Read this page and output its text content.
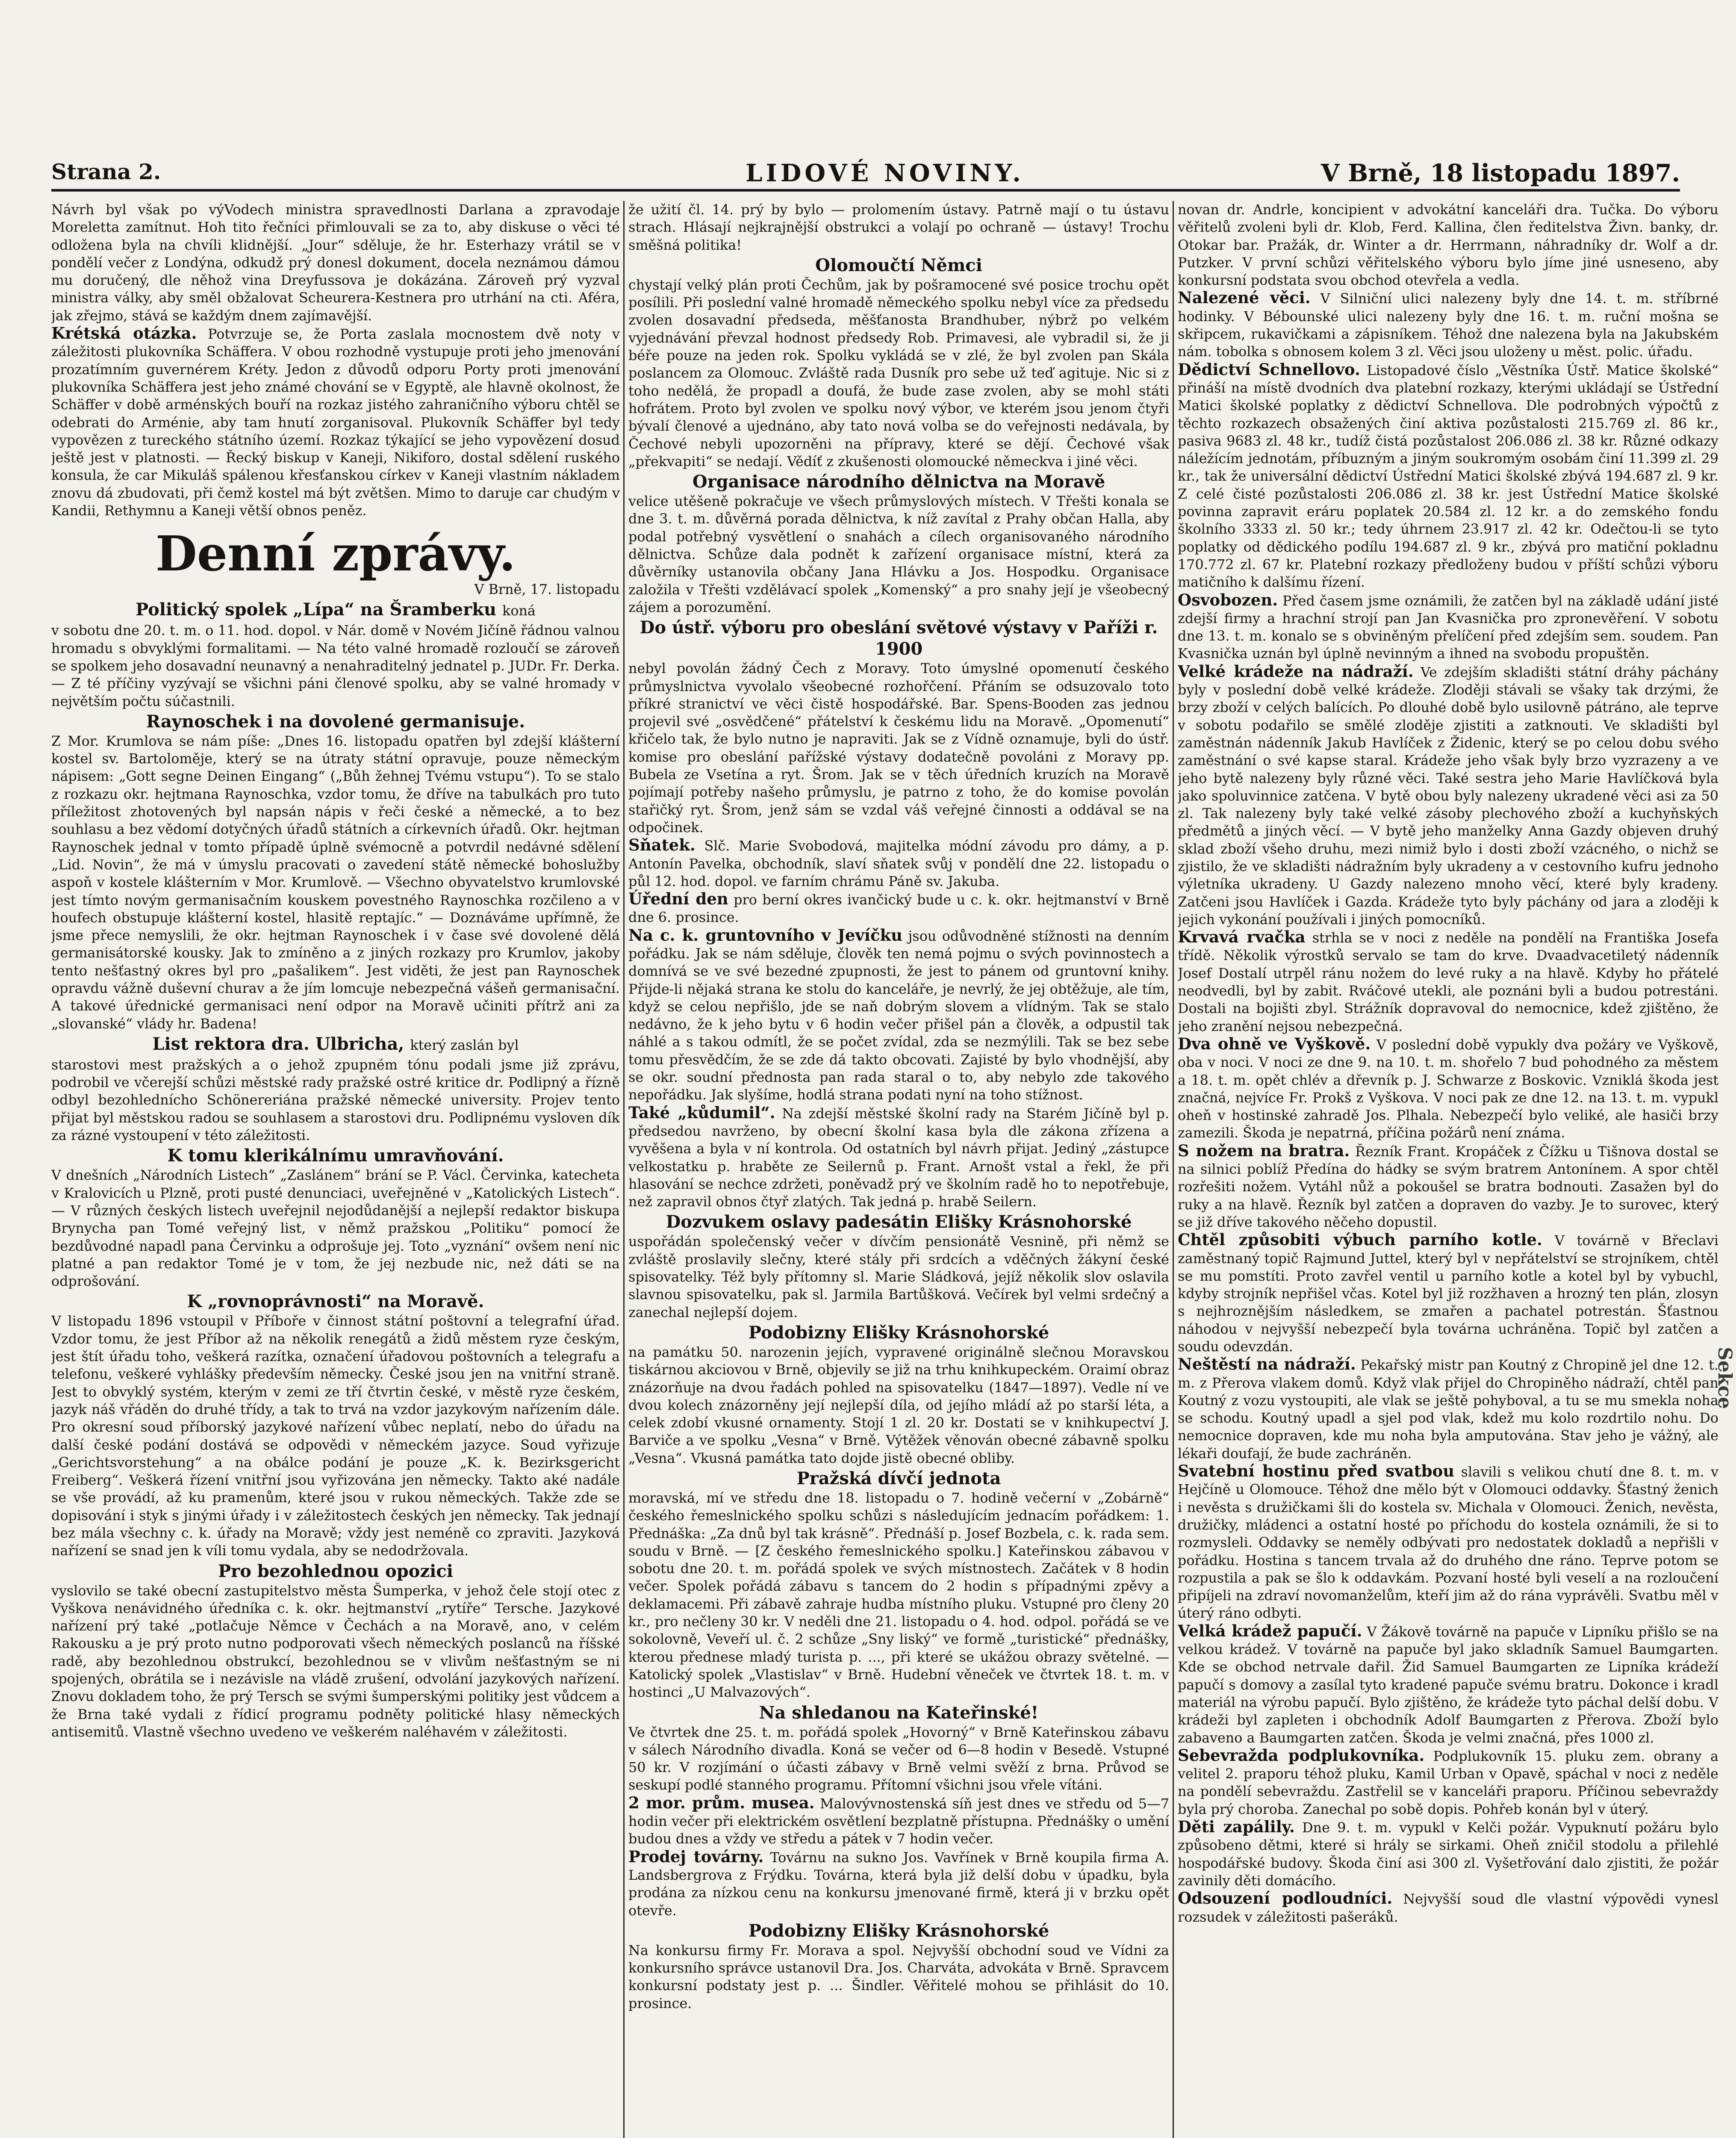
Strana 2.	LIDOVÉ NOVINY.	V Brně, 18 listopadu 1897.

Návrh byl však po výVodech ministra spravedlnosti Darlana a zpravodaje Moreletta zamítnut. Hoh tito řečníci přimlouvali se za to, aby diskuse o věci té odložena byla na chvíli klidnější. „Jour“ sděluje, že hr. Esterhazy vrátil se v pondělí večer z Londýna, odkudž prý donesl dokument, docela neznámou dámou mu doručený, dle něhož vina Dreyfussova je dokázána. Zároveň prý vyzval ministra války, aby směl obžalovat Scheurera-Kestnera pro utrhání na cti. Aféra, jak zřejmo, stává se každým dnem zajímavější.

Krétská otázka. Potvrzuje se, že Porta zaslala mocnostem dvě noty v záležitosti plukovníka Schäffera. V obou rozhodně vystupuje proti jeho jmenování prozatímním guvernérem Kréty. Jedon z důvodů odporu Porty proti jmenování plukovníka Schäffera jest jeho známé chování se v Egyptě, ale hlavně okolnost, že Schäffer v době arménských bouří na rozkaz jistého zahraničního výboru chtěl se odebrati do Arménie, aby tam hnutí zorganisoval. Plukovník Schäffer byl tedy vypovězen z tureckého státního území. Rozkaz týkající se jeho vypovězení dosud ještě jest v platnosti. — Řecký biskup v Kaneji, Nikiforo, dostal sdělení ruského konsula, že car Mikuláš spálenou křesťanskou církev v Kaneji vlastním nákladem znovu dá zbudovati, při čemž kostel má být zvětšen. Mimo to daruje car chudým v Kandii, Rethymnu a Kaneji větší obnos peněz.

Denní zprávy.
V Brně, 17. listopadu
Politický spolek „Lípa“ na Šramberku koná

v sobotu dne 20. t. m. o 11. hod. dopol. v Nár. domě v Novém Jičíně řádnou valnou hromadu s obvyklými formalitami. — Na této valné hromadě rozloučí se zároveň se spolkem jeho dosavadní neunavný a nenahraditelný jednatel p. JUDr. Fr. Derka. — Z té příčiny vyzývají se všichni páni členové spolku, aby se valné hromady v největším počtu súčastnili.

Raynoschek i na dovolené germanisuje.

Z Mor. Krumlova se nám píše: „Dnes 16. listopadu opatřen byl zdejší klášterní kostel sv. Bartoloměje, který se na útraty státní opravuje, pouze německým nápisem: „Gott segne Deinen Eingang“ („Bůh žehnej Tvému vstupu“). To se stalo z rozkazu okr. hejtmana Raynoschka, vzdor tomu, že dříve na tabulkách pro tuto příležitost zhotovených byl napsán nápis v řeči české a německé, a to bez souhlasu a bez vědomí dotyčných úřadů státních a církevních úřadů. Okr. hejtman Raynoschek jednal v tomto případě úplně svémocně a potvrdil nedávné sdělení „Lid. Novin“, že má v úmyslu pracovati o zavedení státě německé bohoslužby aspoň v kostele klášterním v Mor. Krumlově. — Všechno obyvatelstvo krumlovské jest tímto novým germanisačním kouskem povestného Raynoschka rozčileno a v houfech obstupuje klášterní kostel, hlasitě reptajíc.“ — Doznáváme upřímně, že jsme přece nemyslili, že okr. hejtman Raynoschek i v čase své dovolené dělá germanisátorské kousky. Jak to zmíněno a z jiných rozkazy pro Krumlov, jakoby tento nešťastný okres byl pro „pašalikem“. Jest viděti, že jest pan Raynoschek opravdu vážně duševní churav a že jím lomcuje nebezpečná vášeň germanisační. A takové úřednické germanisaci není odpor na Moravě učiniti přítrž ani za „slovanské“ vlády hr. Badena!

List rektora dra. Ulbricha, který zaslán byl

starostovi mest pražských a o jehož zpupném tónu podali jsme již zprávu, podrobil ve včerejší schůzi městské rady pražské ostré kritice dr. Podlipný a řízně odbyl bezohlednícho Schönereriána pražské německé university. Projev tento přijat byl městskou radou se souhlasem a starostovi dru. Podlipnému vysloven dík za rázné vystoupení v této záležitosti.

K tomu klerikálnímu umravňování.

V dnešních „Národních Listech“ „Zaslánem“ brání se P. Václ. Červinka, katecheta v Kralovicích u Plzně, proti pusté denunciaci, uveřejněné v „Katolických Listech“. — V různých českých listech uveřejnil nejodůdanější a nejlepší redaktor biskupa Brynycha pan Tomé veřejný list, v němž pražskou „Politiku“ pomocí že bezdůvodné napadl pana Červinku a odprošuje jej. Toto „vyznání“ ovšem není nic platné a pan redaktor Tomé je v tom, že jej nezbude nic, než dáti se na odprošování.

K „rovnoprávnosti“ na Moravě.

V listopadu 1896 vstoupil v Příboře v činnost státní poštovní a telegrafní úřad. Vzdor tomu, že jest Příbor až na několik renegátů a židů městem ryze českým, jest štít úřadu toho, veškerá razítka, označení úřadovou poštovních a telegrafu a telefonu, veškeré vyhlášky především německy. České jsou jen na vnitřní straně. Jest to obvyklý systém, kterým v zemi ze tří čtvrtin české, v městě ryze českém, jazyk náš vřáděn do druhé třídy, a tak to trvá na vzdor jazykovým nařízením dále. Pro okresní soud příborský jazykové nařízení vůbec neplatí, nebo do úřadu na další české podání dostává se odpovědi v německém jazyce. Soud vyřizuje „Gerichtsvorstehung“ a na obálce podání je pouze „K. k. Bezirksgericht Freiberg“. Veškerá řízení vnitřní jsou vyřizována jen německy. Takto aké nadále se vše provádí, až ku pramenům, které jsou v rukou německých. Takže zde se dopisování i styk s jinými úřady i v záležitostech českých jen německy. Tak jednají bez mála všechny c. k. úřady na Moravě; vždy jest neméně co zpraviti. Jazyková nařízení se snad jen k víli tomu vydala, aby se nedodržovala.

Pro bezohlednou opozici

vyslovilo se také obecní zastupitelstvo města Šumperka, v jehož čele stojí otec z Vyškova nenávidného úředníka c. k. okr. hejtmanství „rytíře“ Tersche. Jazykové nařízení prý také „potlačuje Němce v Čechách a na Moravě, ano, v celém Rakousku a je prý proto nutno podporovati všech německých poslanců na říšské radě, aby bezohlednou obstrukcí, bezohlednou se v vlivům nešťastným se ni spojených, obrátila se i nezávisle na vládě zrušení, odvolání jazykových nařízení. Znovu dokladem toho, že prý Tersch se svými šumperskými politiky jest vůdcem a že Brna také vydali z řídicí programu podněty politické hlasy německých antisemitů. Vlastně všechno uvedeno ve veškerém naléhavém v záležitosti.

že užití čl. 14. prý by bylo — prolomením ústavy. Patrně mají o tu ústavu strach. Hlásají nejkrajnější obstrukci a volají po ochraně — ústavy! Trochu směšná politika!

Olomoučtí Němci

chystají velký plán proti Čechům, jak by pošramocené své posice trochu opět posílili. Při poslední valné hromadě německého spolku nebyl více za předsedu zvolen dosavadní předseda, měšťanosta Brandhuber, nýbrž po velkém vyjednávání převzal hodnost předsedy Rob. Primavesi, ale vybradil si, že ji béře pouze na jeden rok. Spolku vykládá se v zlé, že byl zvolen pan Skála poslancem za Olomouc. Zvláště rada Dusník pro sebe už teď agituje. Nic si z toho nedělá, že propadl a doufá, že bude zase zvolen, aby se mohl státi hofrátem. Proto byl zvolen ve spolku nový výbor, ve kterém jsou jenom čtyři bývalí členové a ujednáno, aby tato nová volba se do veřejnosti nedávala, by Čechové nebyli upozorněni na přípravy, které se dějí. Čechové však „překvapiti“ se nedají. Vědíť z zkušenosti olomoucké německva i jiné věci.

Organisace národního dělnictva na Moravě

velice utěšeně pokračuje ve všech průmyslových místech. V Třešti konala se dne 3. t. m. důvěrná porada dělnictva, k níž zavítal z Prahy občan Halla, aby podal potřebný vysvětlení o snahách a cílech organisovaného národního dělnictva. Schůze dala podnět k zařízení organisace místní, která za důvěrníky ustanovila občany Jana Hlávku a Jos. Hospodku. Organisace založila v Třešti vzdělávací spolek „Komenský“ a pro snahy její je všeobecný zájem a porozumění.

Do ústř. výboru pro obeslání světové výstavy v Paříži r. 1900

nebyl povolán žádný Čech z Moravy. Toto úmyslné opomenutí českého průmyslnictva vyvolalo všeobecné rozhořčení. Přáním se odsuzovalo toto příkré stranictví ve věci čistě hospodářské. Bar. Spens-Booden zas jednou projevil své „osvědčené“ přátelství k českému lidu na Moravě. „Opomenutí“ křičelo tak, že bylo nutno je napraviti. Jak se z Vídně oznamuje, byli do ústř. komise pro obeslání pařížské výstavy dodatečně povoláni z Moravy pp. Bubela ze Vsetína a ryt. Šrom. Jak se v těch úředních kruzích na Moravě pojímají potřeby našeho průmyslu, je patrno z toho, že do komise povolán stařičký ryt. Šrom, jenž sám se vzdal váš veřejné činnosti a oddával se na odpočinek.

Sňatek. Slč. Marie Svobodová, majitelka módní závodu pro dámy, a p. Antonín Pavelka, obchodník, slaví sňatek svůj v pondělí dne 22. listopadu o půl 12. hod. dopol. ve farním chrámu Páně sv. Jakuba.

Úřední den pro berní okres ivančický bude u c. k. okr. hejtmanství v Brně dne 6. prosince.

Na c. k. gruntovního v Jevíčku jsou odůvodněné stížnosti na denním pořádku. Jak se nám sděluje, člověk ten nemá pojmu o svých povinnostech a domnívá se ve své bezedné zpupnosti, že jest to pánem od gruntovní knihy. Přijde-li nějaká strana ke stolu do kanceláře, je nevrlý, že jej obtěžuje, ale tím, když se celou nepřišlo, jde se naň dobrým slovem a vlídným. Tak se stalo nedávno, že k jeho bytu v 6 hodin večer přišel pán a člověk, a odpustil tak náhlé a s takou odmítl, že se počet zvídal, zda se nezmýlili. Tak se bez sebe tomu přesvědčím, že se zde dá takto obcovati. Zajisté by bylo vhodnější, aby se okr. soudní přednosta pan rada staral o to, aby nebylo zde takového nepořádku. Jak slyšíme, hodlá strana podati nyní na toho stížnost.

Také „kůdumil“. Na zdejší městské školní rady na Starém Jičíně byl p. předsedou navrženo, by obecní školní kasa byla dle zákona zřízena a vyvěšena a byla v ní kontrola. Od ostatních byl návrh přijat. Jediný „zástupce velkostatku p. hraběte ze Seilernů p. Frant. Arnošt vstal a řekl, že při hlasování se nechce zdržeti, poněvadž prý ve školním radě ho to nepotřebuje, než zapravil obnos čtyř zlatých. Tak jedná p. hrabě Seilern.

Dozvukem oslavy padesátin Elišky Krásnohorské

uspořádán společenský večer v dívčím pensionátě Vesnině, při němž se zvláště proslavily slečny, které stály při srdcích a vděčných žákyní české spisovatelky. Též byly přítomny sl. Marie Sládková, jejíž několik slov oslavila slavnou spisovatelku, pak sl. Jarmila Bartůšková. Večírek byl velmi srdečný a zanechal nejlepší dojem.

Podobizny Elišky Krásnohorské

na památku 50. narozenin jejích, vypravené originálně slečnou Moravskou tiskárnou akciovou v Brně, objevily se již na trhu knihkupeckém. Oraimí obraz znázorňuje na dvou řadách pohled na spisovatelku (1847—1897). Vedle ní ve dvou kolech znázorněny její nejlepší díla, od jejího mládí až po starší léta, a celek zdobí vkusné ornamenty. Stojí 1 zl. 20 kr. Dostati se v knihkupectví J. Barviče a ve spolku „Vesna“ v Brně. Výtěžek věnován obecné zábavně spolku „Vesna“. Vkusná památka tato dojde jistě obecné obliby.

Pražská dívčí jednota

moravská, mí ve středu dne 18. listopadu o 7. hodině večerní v „Zobárně“ českého řemeslnického spolku schůzi s následujícím jednacím pořádkem: 1. Přednáška: „Za dnů byl tak krásně“. Přednáší p. Josef Bozbela, c. k. rada sem. soudu v Brně. — [Z českého řemeslnického spolku.] Kateřinskou zábavou v sobotu dne 20. t. m. pořádá spolek ve svých místnostech. Začátek v 8 hodin večer. Spolek pořádá zábavu s tancem do 2 hodin s případnými zpěvy a deklamacemi. Při zábavě zahraje hudba místního pluku. Vstupné pro členy 20 kr., pro nečleny 30 kr. V neděli dne 21. listopadu o 4. hod. odpol. pořádá se ve sokolovně, Veveří ul. č. 2 schůze „Sny liský“ ve formě „turistické“ přednášky, kterou přednese mladý turista p. ..., při které se ukážou obrazy světelné. — Katolický spolek „Vlastislav“ v Brně. Hudební věneček ve čtvrtek 18. t. m. v hostinci „U Malvazových“.

Na shledanou na Kateřinské!

Ve čtvrtek dne 25. t. m. pořádá spolek „Hovorný“ v Brně Kateřinskou zábavu v sálech Národního divadla. Koná se večer od 6—8 hodin v Besedě. Vstupné 50 kr. V rozjímání o účasti zábavy v Brně velmi svěží z brna. Průvod se seskupí podlé stanného programu. Přítomní všichni jsou vřele vítáni.

2 mor. prům. musea. Malovývnostenská síň jest dnes ve středu od 5—7 hodin večer při elektrickém osvětlení bezplatně přístupna. Přednášky o umění budou dnes a vždy ve středu a pátek v 7 hodin večer.

Prodej továrny. Továrnu na sukno Jos. Vavřínek v Brně koupila firma A. Landsbergrova z Frýdku. Továrna, která byla již delší dobu v úpadku, byla prodána za nízkou cenu na konkursu jmenované firmě, která ji v brzku opět otevře.

Podobizny Elišky Krásnohorské

Na konkursu firmy Fr. Morava a spol. Nejvyšší obchodní soud ve Vídni za konkursního správce ustanovil Dra. Jos. Charváta, advokáta v Brně. Spravcem konkursní podstaty jest p. ... Šindler. Věřitelé mohou se přihlásit do 10. prosince.

novan dr. Andrle, koncipient v advokátní kanceláři dra. Tučka. Do výboru věřitelů zvoleni byli dr. Klob, Ferd. Kallina, člen ředitelstva Živn. banky, dr. Otokar bar. Pražák, dr. Winter a dr. Herrmann, náhradníky dr. Wolf a dr. Putzker. V první schůzi věřitelského výboru bylo jíme jiné usneseno, aby konkursní podstata svou obchod otevřela a vedla.

Nalezené věci. V Silniční ulici nalezeny byly dne 14. t. m. stříbrné hodinky. V Bébounské ulici nalezeny byly dne 16. t. m. ruční mošna se skřipcem, rukavičkami a zápisníkem. Téhož dne nalezena byla na Jakubském nám. tobolka s obnosem kolem 3 zl. Věci jsou uloženy u měst. polic. úřadu.

Dědictví Schnellovo. Listopadové číslo „Věstníka Ústř. Matice školské“ přináší na místě dvodních dva platební rozkazy, kterými ukládají se Ústřední Matici školské poplatky z dědictví Schnellova. Dle podrobných výpočtů z těchto rozkazech obsažených činí aktiva pozůstalosti 215.769 zl. 86 kr., pasiva 9683 zl. 48 kr., tudíž čistá pozůstalost 206.086 zl. 38 kr. Různé odkazy náležícím jednotám, příbuzným a jiným soukromým osobám činí 11.399 zl. 29 kr., tak že universální dědictví Ústřední Matici školské zbývá 194.687 zl. 9 kr. Z celé čisté pozůstalosti 206.086 zl. 38 kr. jest Ústřední Matice školské povinna zapravit eráru poplatek 20.584 zl. 12 kr. a do zemského fondu školního 3333 zl. 50 kr.; tedy úhrnem 23.917 zl. 42 kr. Odečtou-li se tyto poplatky od dědického podílu 194.687 zl. 9 kr., zbývá pro matiční pokladnu 170.772 zl. 67 kr. Platební rozkazy předloženy budou v příští schůzi výboru matičního k dalšímu řízení.

Osvobozen. Před časem jsme oznámili, že zatčen byl na základě udání jisté zdejší firmy a hrachní strojí pan Jan Kvasnička pro zpronevěření. V sobotu dne 13. t. m. konalo se s obviněným přelíčení před zdejším sem. soudem. Pan Kvasnička uznán byl úplně nevinným a ihned na svobodu propuštěn.

Velké krádeže na nádraží. Ve zdejším skladišti státní dráhy páchány byly v poslední době velké krádeže. Zloději stávali se všaky tak drzými, že brzy zboží v celých balících. Po dlouhé době bylo usilovně pátráno, ale teprve v sobotu podařilo se smělé zloděje zjistiti a zatknouti. Ve skladišti byl zaměstnán nádenník Jakub Havlíček z Židenic, který se po celou dobu svého zaměstnání o své kapse staral. Krádeže jeho však byly brzo vyzrazeny a ve jeho bytě nalezeny byly různé věci. Také sestra jeho Marie Havlíčková byla jako spoluvinnice zatčena. V bytě obou byly nalezeny ukradené věci asi za 50 zl. Tak nalezeny byly také velké zásoby plechového zboží a kuchyňských předmětů a jiných věcí. — V bytě jeho manželky Anna Gazdy objeven druhý sklad zboží všeho druhu, mezi nimiž bylo i dosti zboží vzácného, o nichž se zjistilo, že ve skladišti nádražním byly ukradeny a v cestovního kufru jednoho výletníka ukradeny. U Gazdy nalezeno mnoho věcí, které byly kradeny. Zatčeni jsou Havlíček i Gazda. Krádeže tyto byly páchány od jara a zloději k jejich vykonání používali i jiných pomocníků.

Krvavá rvačka strhla se v noci z neděle na pondělí na Františka Josefa třídě. Několik výrostků servalo se tam do krve. Dvaadvacetiletý nádenník Josef Dostalí utrpěl ránu nožem do levé ruky a na hlavě. Kdyby ho přátelé neodvedli, byl by zabit. Rváčové utekli, ale poznáni byli a budou potrestáni. Dostali na bojišti zbyl. Strážník dopravoval do nemocnice, kdež zjištěno, že jeho zranění nejsou nebezpečná.

Dva ohně ve Vyškově. V poslední době vypukly dva požáry ve Vyškově, oba v noci. V noci ze dne 9. na 10. t. m. shořelo 7 bud pohodného za městem a 18. t. m. opět chlév a dřevník p. J. Schwarze z Boskovic. Vzniklá škoda jest značná, nejvíce Fr. Prokš z Vyškova. V noci pak ze dne 12. na 13. t. m. vypukl oheň v hostinské zahradě Jos. Plhala. Nebezpečí bylo veliké, ale hasiči brzy zamezili. Škoda je nepatrná, příčina požárů není známa.

S nožem na bratra. Řezník Frant. Kropáček z Čížku u Tišnova dostal se na silnici poblíž Předína do hádky se svým bratrem Antonínem. A spor chtěl rozřešiti nožem. Vytáhl nůž a pokoušel se bratra bodnouti. Zasažen byl do ruky a na hlavě. Řezník byl zatčen a dopraven do vazby. Je to surovec, který se již dříve takového něčeho dopustil.

Chtěl způsobiti výbuch parního kotle. V továrně v Břeclavi zaměstnaný topič Rajmund Juttel, který byl v nepřátelství se strojníkem, chtěl se mu pomstíti. Proto zavřel ventil u parního kotle a kotel byl by vybuchl, kdyby strojník nepřišel včas. Kotel byl již rozžhaven a hrozný ten plán, zlosyn s nejhroznějším následkem, se zmařen a pachatel potrestán. Šťastnou náhodou v nejvyšší nebezpečí byla továrna uchráněna. Topič byl zatčen a soudu odevzdán.

Neštěstí na nádraží. Pekařský mistr pan Koutný z Chropině jel dne 12. t. m. z Přerova vlakem domů. Když vlak přijel do Chropiněho nádraží, chtěl pan Koutný z vozu vystoupiti, ale vlak se ještě pohyboval, a tu se mu smekla noha se schodu. Koutný upadl a sjel pod vlak, kdež mu kolo rozdrtilo nohu. Do nemocnice dopraven, kde mu noha byla amputována. Stav jeho je vážný, ale lékaři doufají, že bude zachráněn.

Svatební hostinu před svatbou slavili s velikou chutí dne 8. t. m. v Hejčíně u Olomouce. Téhož dne mělo být v Olomouci oddavky. Šťastný ženich i nevěsta s družičkami šli do kostela sv. Michala v Olomouci. Ženich, nevěsta, družičky, mládenci a ostatní hosté po příchodu do kostela oznámili, že si to rozmysleli. Oddavky se neměly odbývati pro nedostatek dokladů a nepřišli v pořádku. Hostina s tancem trvala až do druhého dne ráno. Teprve potom se rozpustila a pak se šlo k oddavkám. Pozvaní hosté byli veselí a na rozloučení připíjeli na zdraví novomanželům, kteří jim až do rána vyprávěli. Svatbu měl v úterý ráno odbyti.

Velká krádež papučí. V Žákově továrně na papuče v Lipníku přišlo se na velkou krádež. V továrně na papuče byl jako skladník Samuel Baumgarten. Kde se obchod netrvale dařil. Žid Samuel Baumgarten ze Lipníka krádeží papučí s domovy a zasílal tyto kradené papuče svému bratru. Dokonce i kradl materiál na výrobu papučí. Bylo zjištěno, že krádeže tyto páchal delší dobu. V krádeži byl zapleten i obchodník Adolf Baumgarten z Přerova. Zboží bylo zabaveno a Baumgarten zatčen. Škoda je velmi značná, přes 1000 zl.

Sebevražda podplukovníka. Podplukovník 15. pluku zem. obrany a velitel 2. praporu téhož pluku, Kamil Urban v Opavě, spáchal v noci z neděle na pondělí sebevraždu. Zastřelil se v kanceláři praporu. Příčinou sebevraždy byla prý choroba. Zanechal po sobě dopis. Pohřeb konán byl v úterý.

Děti zapálily. Dne 9. t. m. vypukl v Kelči požár. Vypuknutí požáru bylo způsobeno dětmi, které si hrály se sirkami. Oheň zničil stodolu a přilehlé hospodářské budovy. Škoda činí asi 300 zl. Vyšetřování dalo zjistiti, že požár zavinily děti domácího.

Odsouzení podloudníci. Nejvyšší soud dle vlastní výpovědi vynesl rozsudek v záležitosti pašeráků.

Sekce
